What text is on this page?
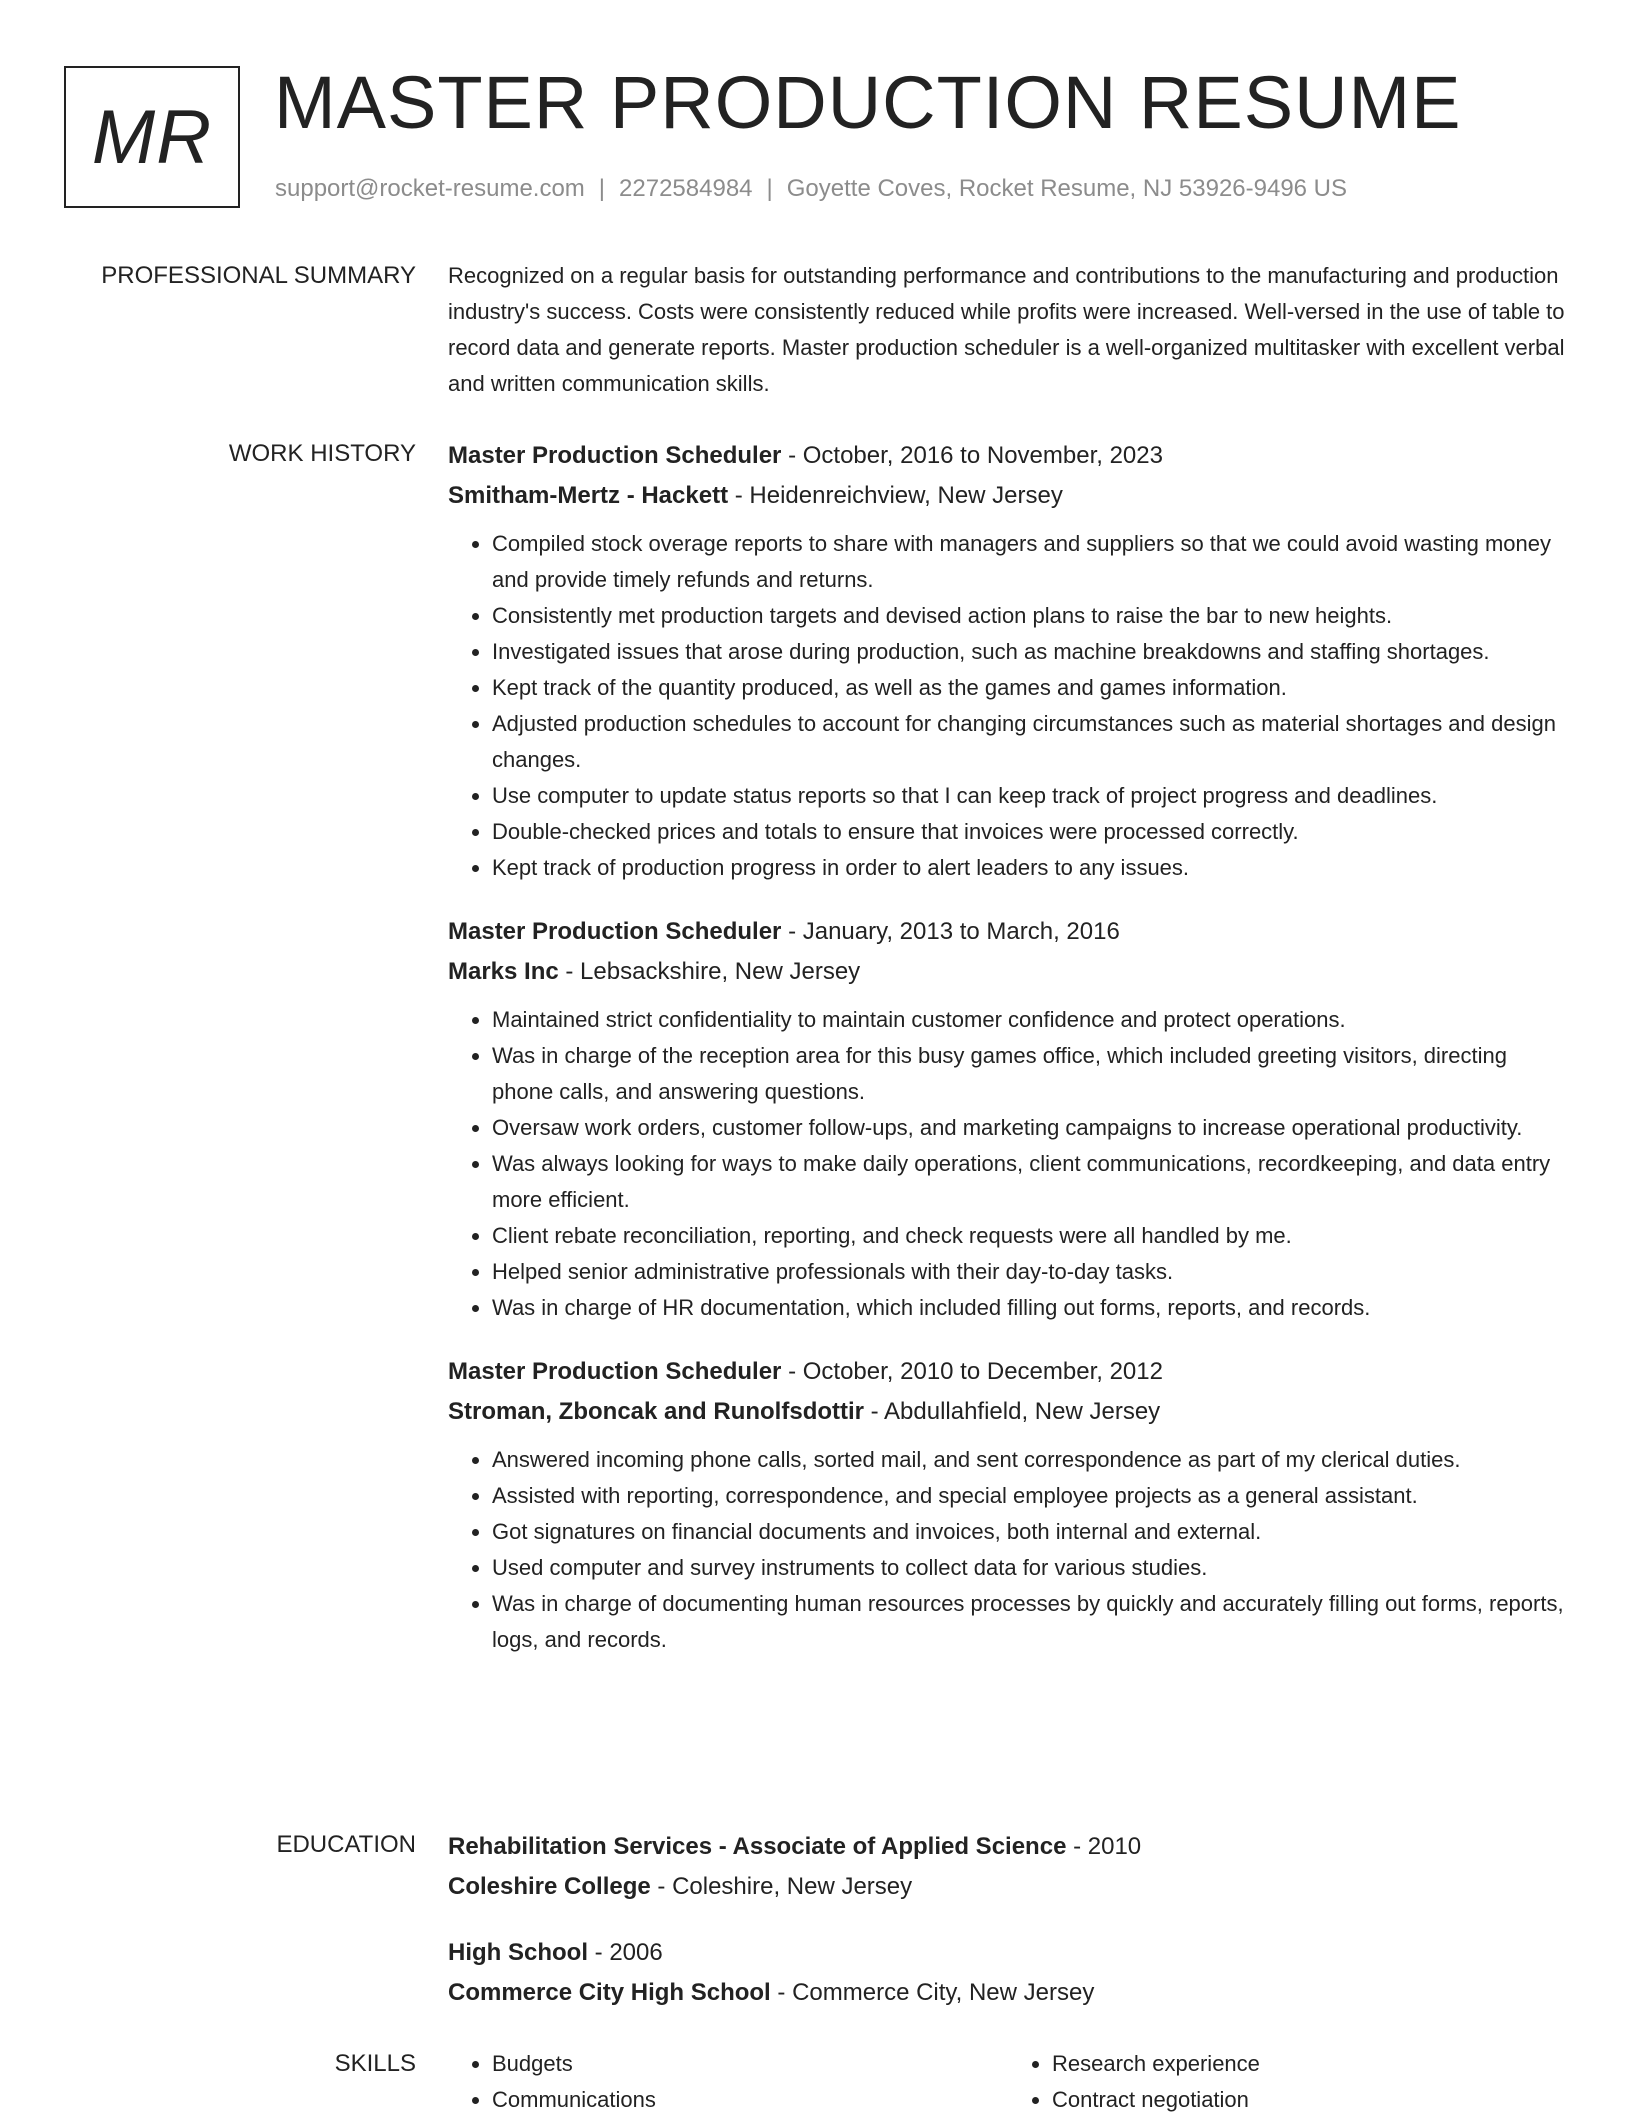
MR MASTER PRODUCTION RESUME
support@rocket-resume.com | 2272584984 | Goyette Coves, Rocket Resume, NJ 53926-9496 US
PROFESSIONAL SUMMARY Recognized on a regular basis for outstanding performance and contributions to the manufacturing and production industry's success. Costs were consistently reduced while profits were increased. Well-versed in the use of table to record data and generate reports. Master production scheduler is a well-organized multitasker with excellent verbal and written communication skills.

WORK HISTORY Master Production Scheduler - October, 2016 to November, 2023
Smitham-Mertz - Hackett - Heidenreichview, New Jersey
• Compiled stock overage reports to share with managers and suppliers so that we could avoid wasting money and provide timely refunds and returns.
• Consistently met production targets and devised action plans to raise the bar to new heights.
• Investigated issues that arose during production, such as machine breakdowns and staffing shortages.
• Kept track of the quantity produced, as well as the games and games information.
• Adjusted production schedules to account for changing circumstances such as material shortages and design changes.
• Use computer to update status reports so that I can keep track of project progress and deadlines.
• Double-checked prices and totals to ensure that invoices were processed correctly.
• Kept track of production progress in order to alert leaders to any issues.
Master Production Scheduler - January, 2013 to March, 2016
Marks Inc - Lebsackshire, New Jersey
• Maintained strict confidentiality to maintain customer confidence and protect operations.
• Was in charge of the reception area for this busy games office, which included greeting visitors, directing phone calls, and answering questions.
• Oversaw work orders, customer follow-ups, and marketing campaigns to increase operational productivity.
• Was always looking for ways to make daily operations, client communications, recordkeeping, and data entry more efficient.
• Client rebate reconciliation, reporting, and check requests were all handled by me.
• Helped senior administrative professionals with their day-to-day tasks.
• Was in charge of HR documentation, which included filling out forms, reports, and records.
Master Production Scheduler - October, 2010 to December, 2012
Stroman, Zboncak and Runolfsdottir - Abdullahfield, New Jersey
• Answered incoming phone calls, sorted mail, and sent correspondence as part of my clerical duties.
• Assisted with reporting, correspondence, and special employee projects as a general assistant.
• Got signatures on financial documents and invoices, both internal and external.
• Used computer and survey instruments to collect data for various studies.
• Was in charge of documenting human resources processes by quickly and accurately filling out forms, reports, logs, and records.
EDUCATION Rehabilitation Services - Associate of Applied Science - 2010
Coleshire College - Coleshire, New Jersey
High School - 2006
Commerce City High School - Commerce City, New Jersey
SKILLS
•	Budgets
• Communications
• Research experience
• Contract negotiation
